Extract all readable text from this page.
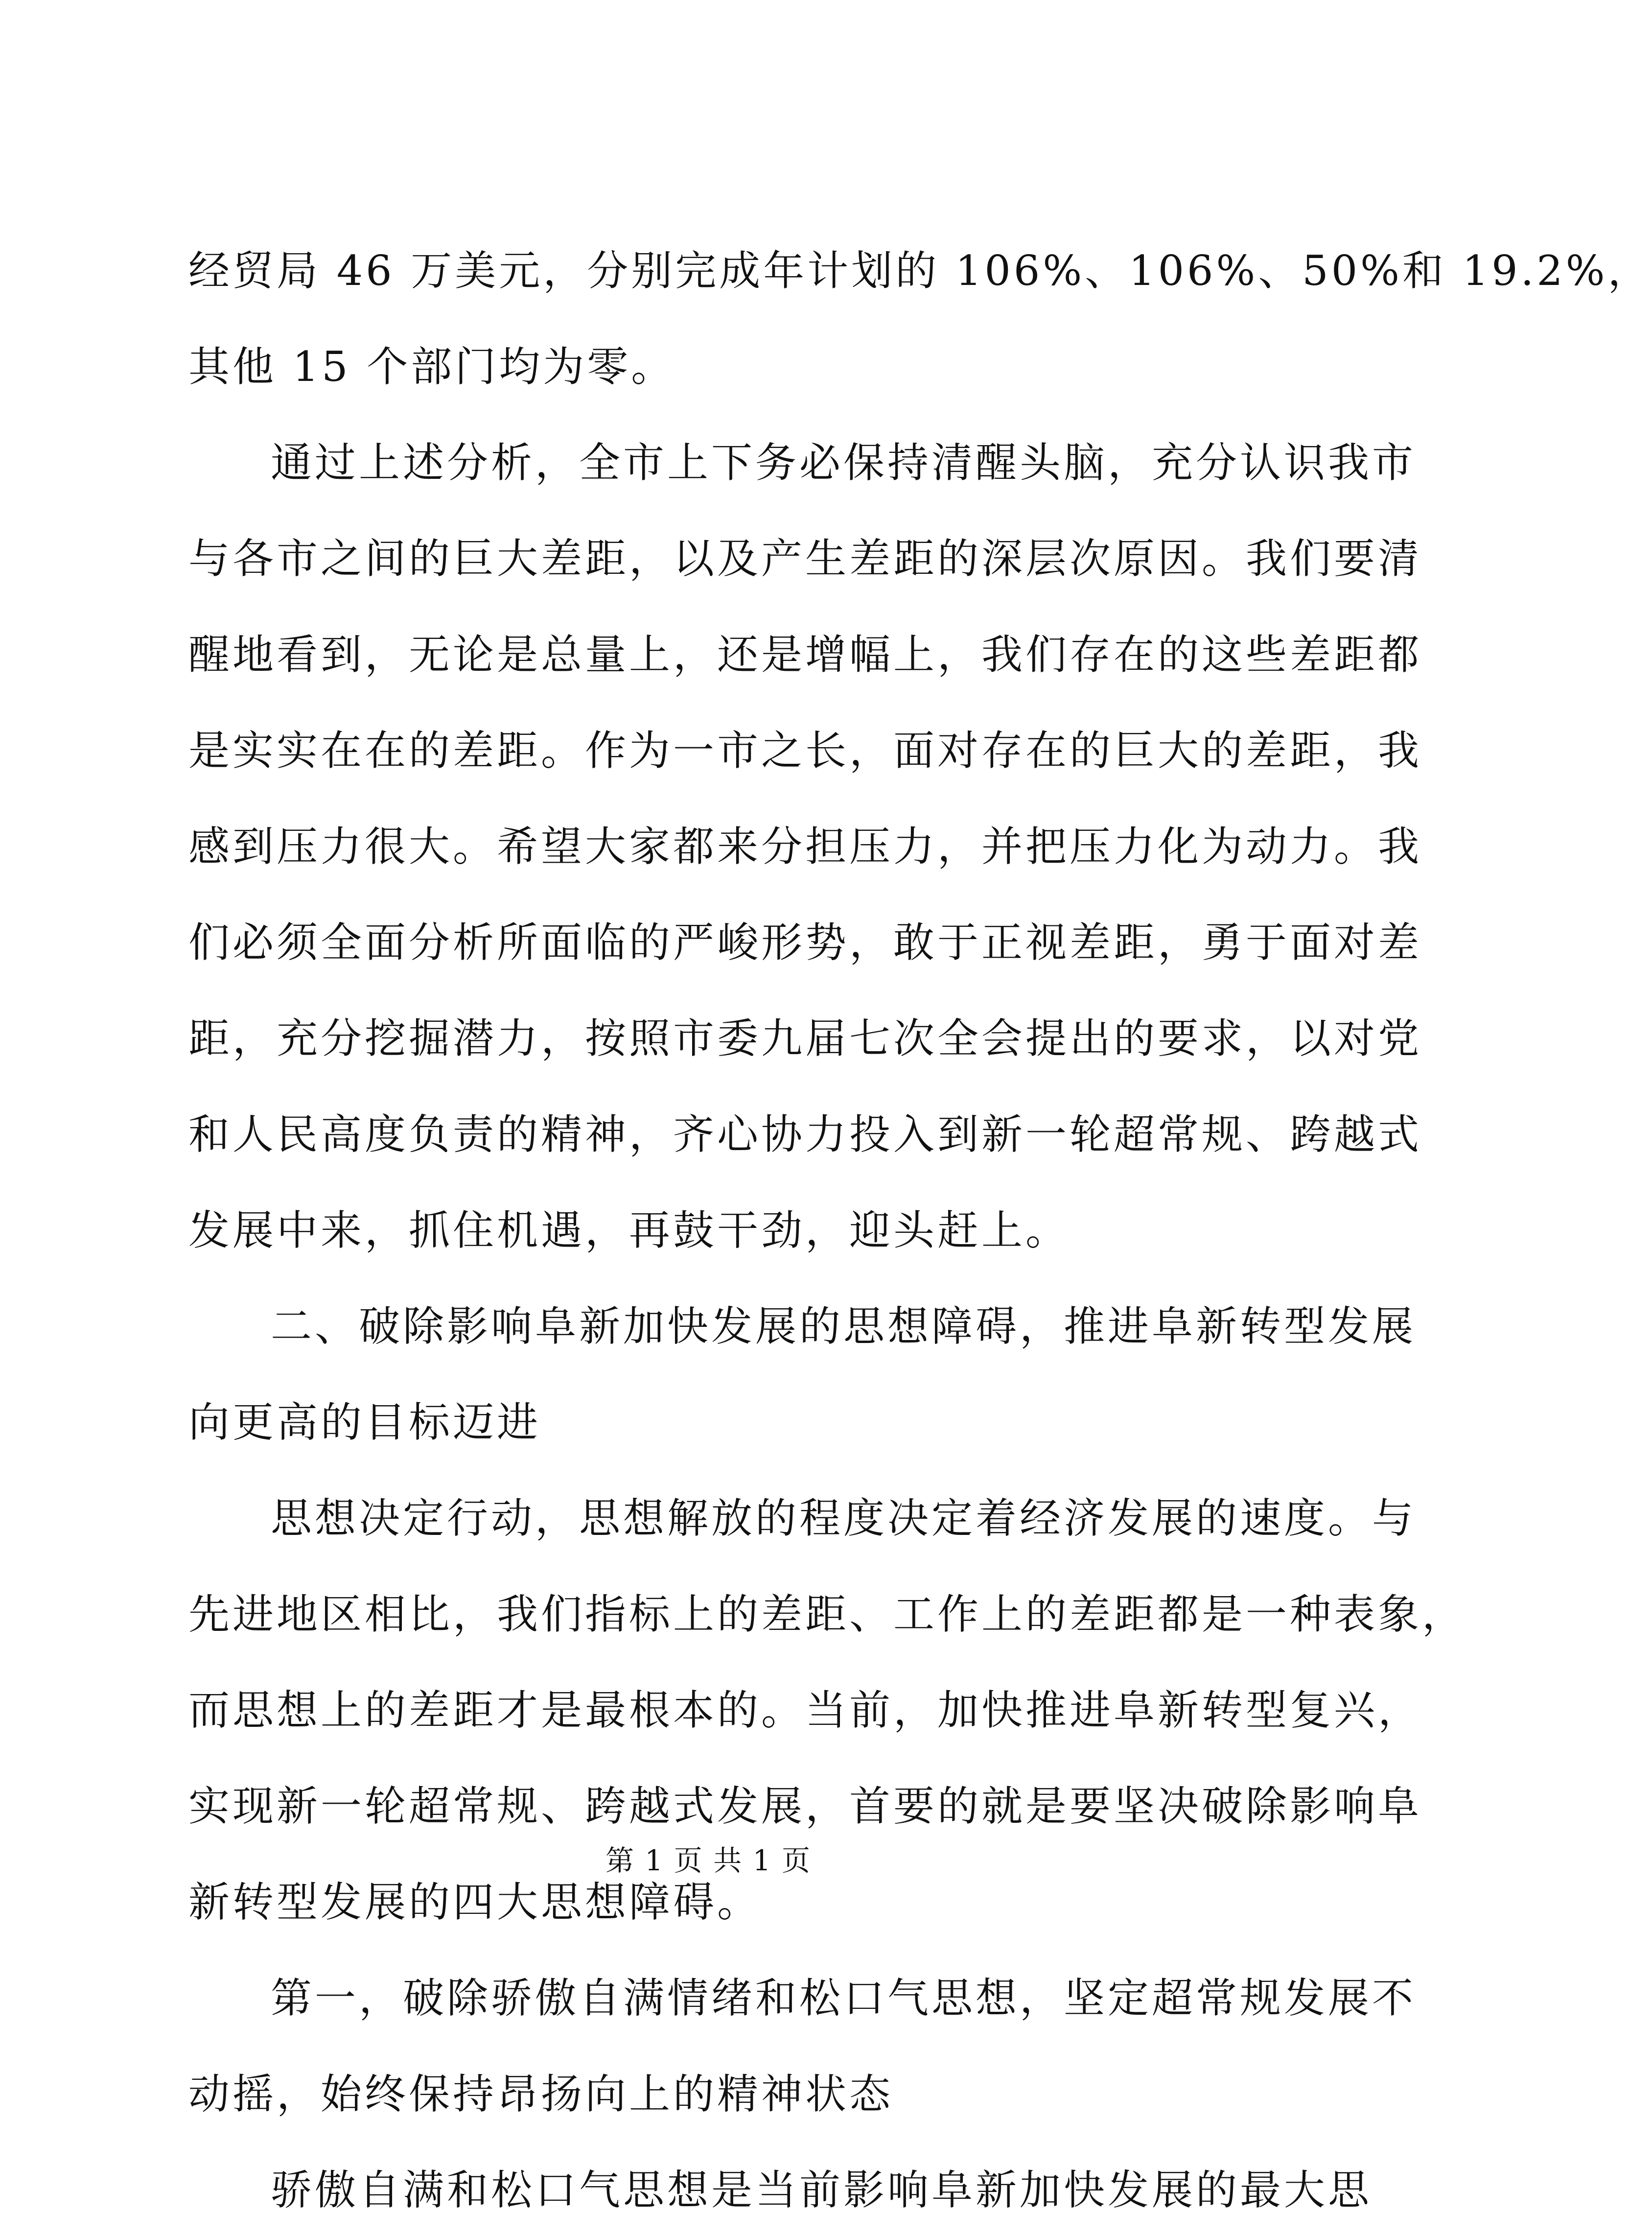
经贸局 46 万美元，分别完成年计划的 106%、106%、50%和 19.2%，
其他 15 个部门均为零。
通过上述分析，全市上下务必保持清醒头脑，充分认识我市
与各市之间的巨大差距，以及产生差距的深层次原因。我们要清
醒地看到，无论是总量上，还是增幅上，我们存在的这些差距都
是实实在在的差距。作为一市之长，面对存在的巨大的差距，我
感到压力很大。希望大家都来分担压力，并把压力化为动力。我
们必须全面分析所面临的严峻形势，敢于正视差距，勇于面对差
距，充分挖掘潜力，按照市委九届七次全会提出的要求，以对党
和人民高度负责的精神，齐心协力投入到新一轮超常规、跨越式
发展中来，抓住机遇，再鼓干劲，迎头赶上。
二、破除影响阜新加快发展的思想障碍，推进阜新转型发展
向更高的目标迈进
思想决定行动，思想解放的程度决定着经济发展的速度。与
先进地区相比，我们指标上的差距、工作上的差距都是一种表象，
而思想上的差距才是最根本的。当前，加快推进阜新转型复兴，
实现新一轮超常规、跨越式发展，首要的就是要坚决破除影响阜
新转型发展的四大思想障碍。
第一，破除骄傲自满情绪和松口气思想，坚定超常规发展不
动摇，始终保持昂扬向上的精神状态
骄傲自满和松口气思想是当前影响阜新加快发展的最大思
第 1 页 共 1 页
